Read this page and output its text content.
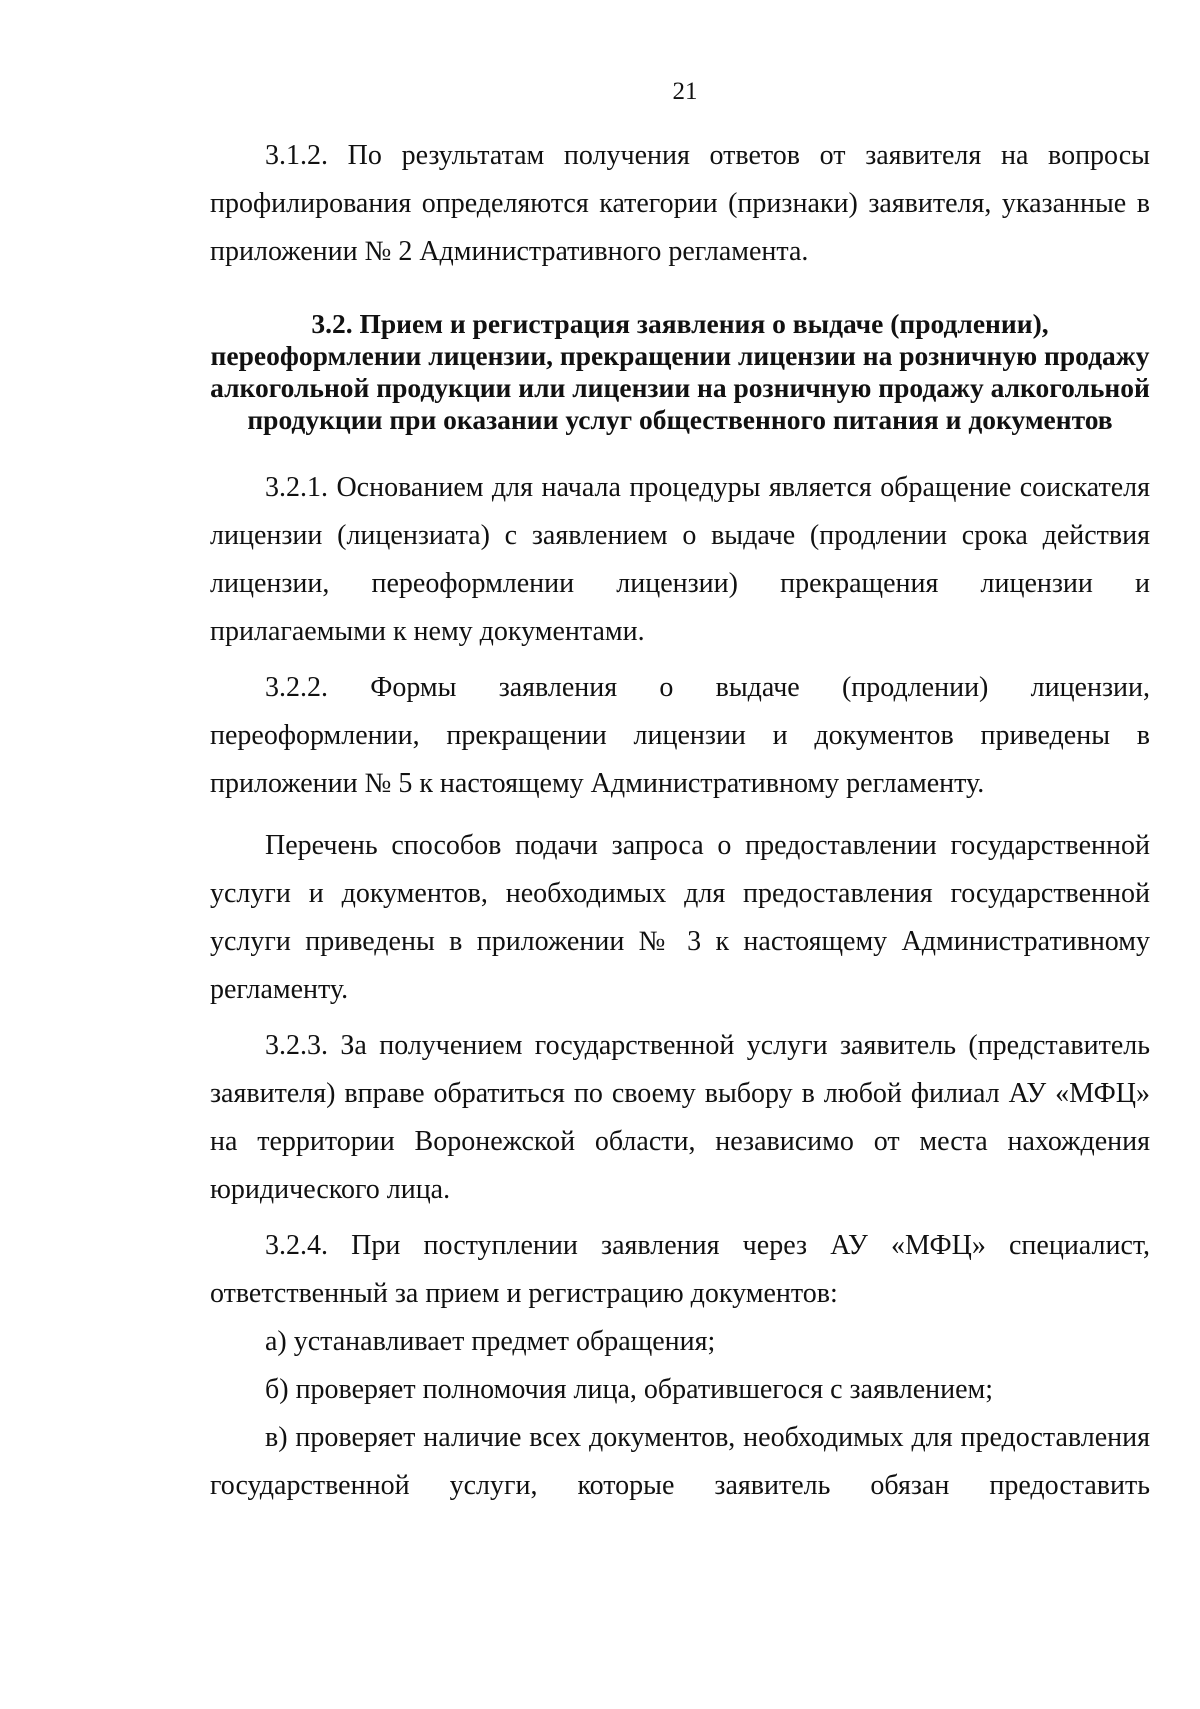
21

3.1.2. По результатам получения ответов от заявителя на вопросы профилирования определяются категории (признаки) заявителя, указанные в приложении № 2 Административного регламента.

3.2. Прием и регистрация заявления о выдаче (продлении), переоформлении лицензии, прекращении лицензии на розничную продажу алкогольной продукции или лицензии на розничную продажу алкогольной продукции при оказании услуг общественного питания и документов

3.2.1. Основанием для начала процедуры является обращение соискателя лицензии (лицензиата) с заявлением о выдаче (продлении срока действия лицензии, переоформлении лицензии) прекращения лицензии и прилагаемыми к нему документами.

3.2.2. Формы заявления о выдаче (продлении) лицензии, переоформлении, прекращении лицензии и документов приведены в приложении № 5 к настоящему Административному регламенту.

Перечень способов подачи запроса о предоставлении государственной услуги и документов, необходимых для предоставления государственной услуги приведены в приложении № 3 к настоящему Административному регламенту.

3.2.3. За получением государственной услуги заявитель (представитель заявителя) вправе обратиться по своему выбору в любой филиал АУ «МФЦ» на территории Воронежской области, независимо от места нахождения юридического лица.

3.2.4. При поступлении заявления через АУ «МФЦ» специалист, ответственный за прием и регистрацию документов:

а) устанавливает предмет обращения;

б) проверяет полномочия лица, обратившегося с заявлением;

в) проверяет наличие всех документов, необходимых для предоставления государственной услуги, которые заявитель обязан предоставить
